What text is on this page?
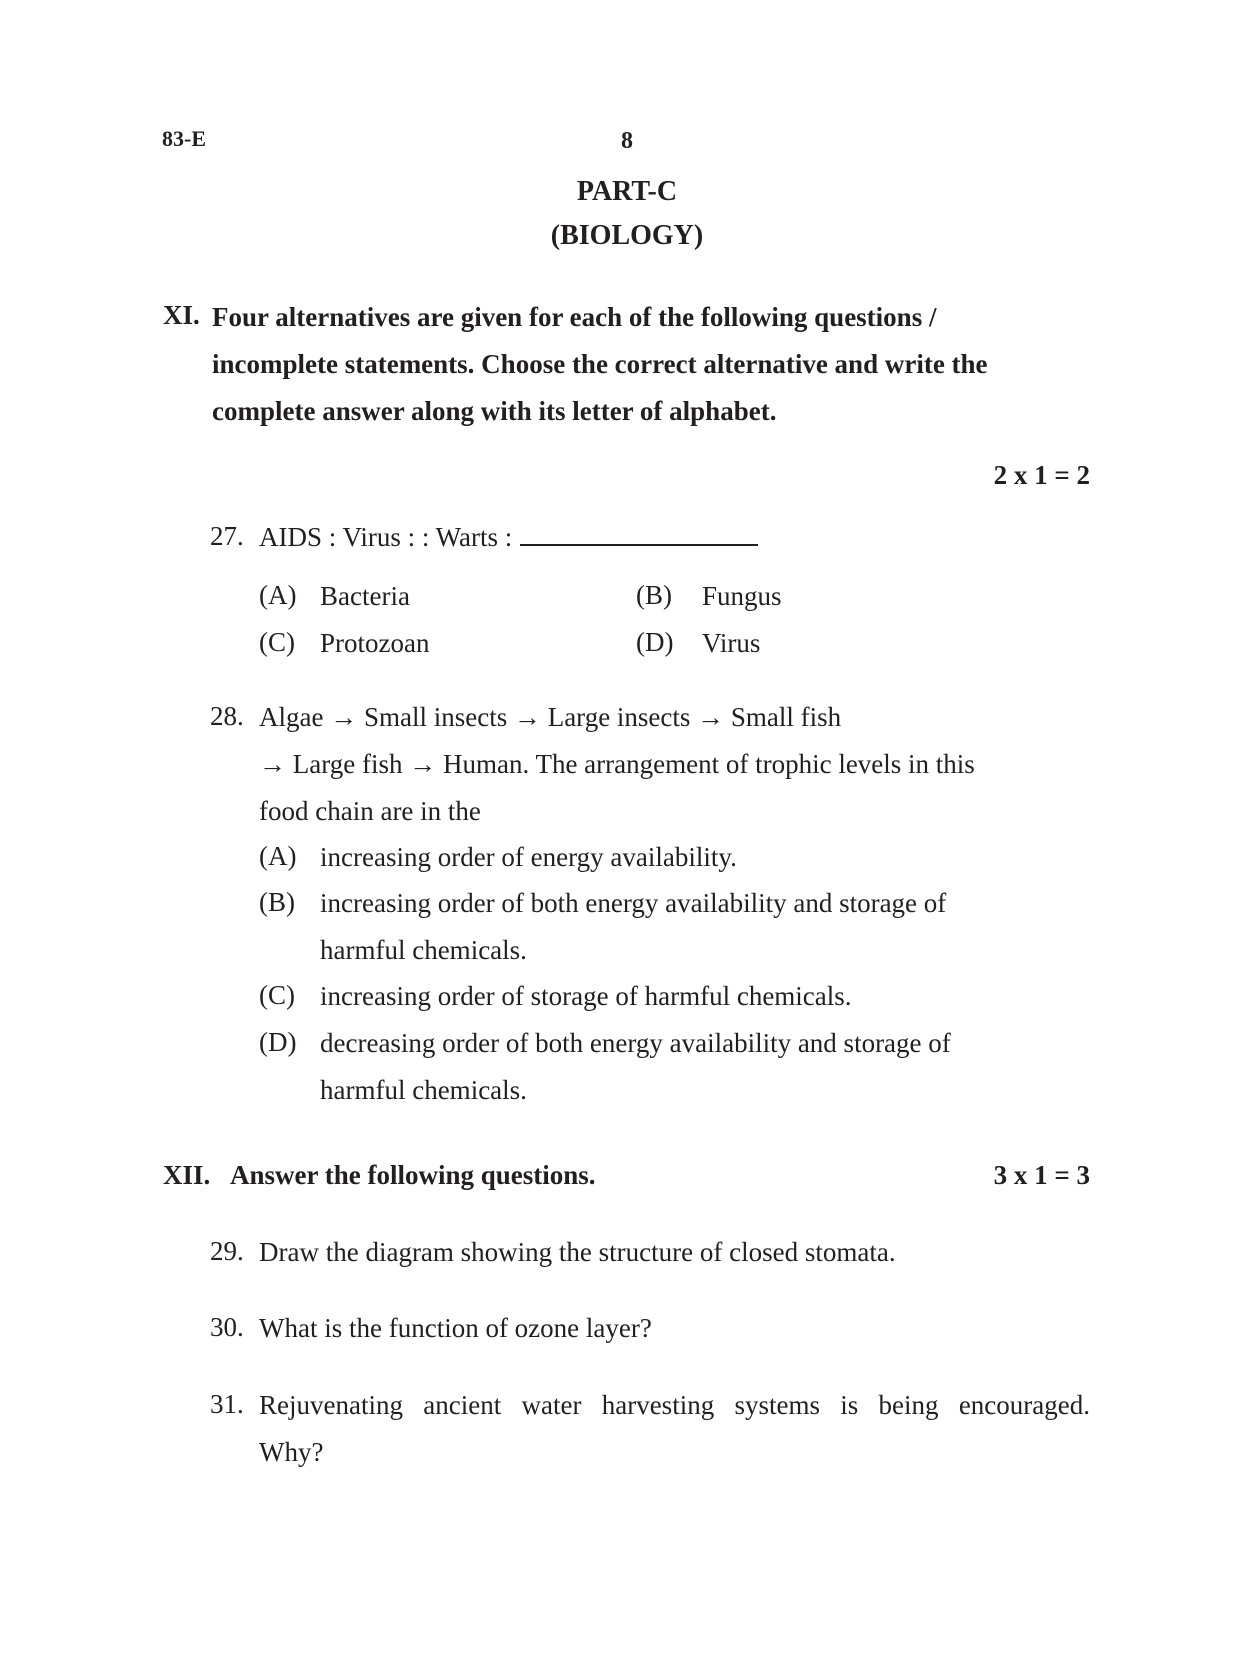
83-E	8
PART-C
(BIOLOGY)
XI. Four alternatives are given for each of the following questions /
incomplete statements. Choose the correct alternative and write the
complete answer along with its letter of alphabet.
2 x 1 = 2
27. AIDS : Virus : : Warts :
(A) Bacteria	(B) Fungus
(C) Protozoan	(D) Virus
28. Algae → Small insects → Large insects → Small fish
→ Large fish → Human. The arrangement of trophic levels in this
food chain are in the
(A) increasing order of energy availability.
(B) increasing order of both energy availability and storage of
harmful chemicals.
(C) increasing order of storage of harmful chemicals.
(D) decreasing order of both energy availability and storage of
harmful chemicals.
XII. Answer the following questions.	3 x 1 = 3
29. Draw the diagram showing the structure of closed stomata.
30. What is the function of ozone layer?
31. Rejuvenating ancient water harvesting systems is being encouraged.
Why?
